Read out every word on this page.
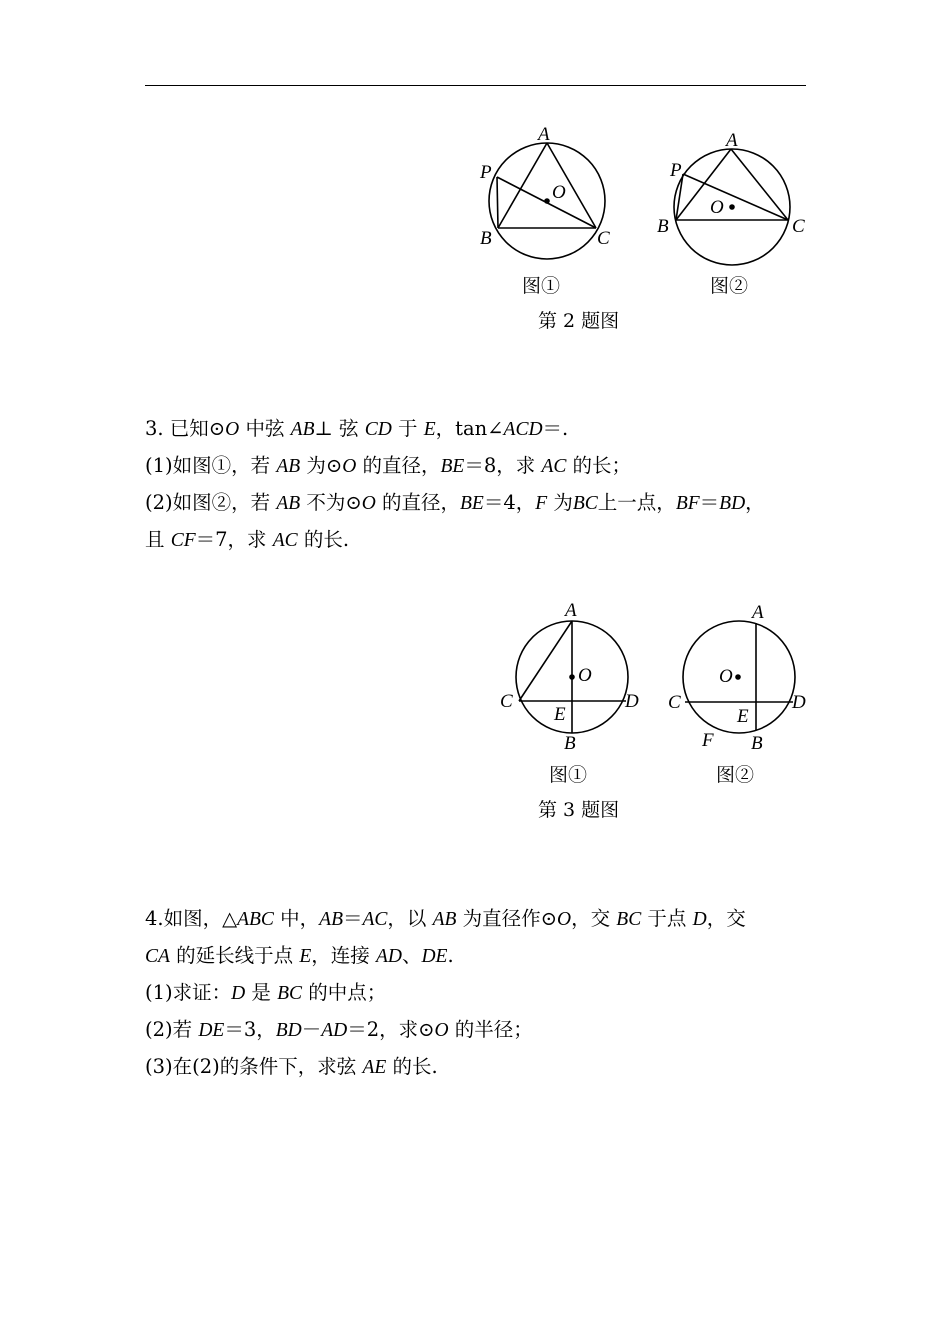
A
P
O
B	C
A
P
O
B	C
图①	图②
第 2 题图
3. 已知⊙O 中弦 AB⊥ 弦 CD 于 E，tan∠ACD＝.
(1)如图①，若 AB 为⊙O 的直径，BE＝8，求 AC 的长；
(2)如图②，若 AB 不为⊙O 的直径，BE＝4，F 为BC上一点，BF＝BD，
且 CF＝7，求 AC 的长.
A
O
C	D
E
B
A
O
C	D
E
F B
图①	图②
第 3 题图
4.如图，△ABC 中，AB＝AC，以 AB 为直径作⊙O，交 BC 于点 D，交
CA 的延长线于点 E，连接 AD、DE.
(1)求证：D 是 BC 的中点；
(2)若 DE＝3，BD－AD＝2，求⊙O 的半径；
(3)在(2)的条件下，求弦 AE 的长.
